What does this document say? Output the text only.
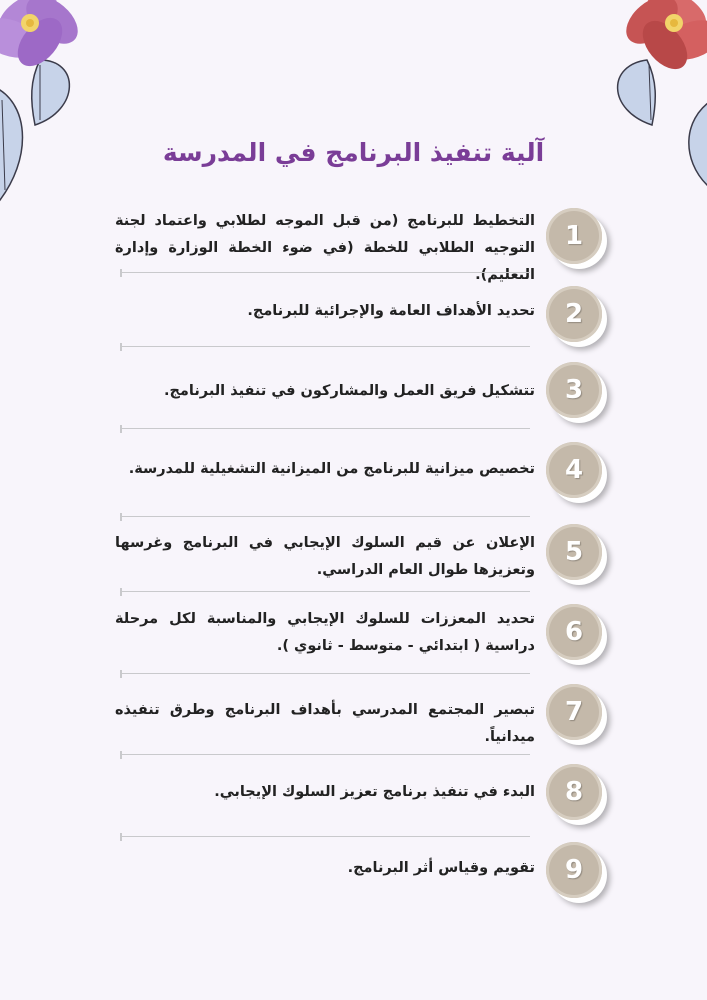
آلية تنفيذ البرنامج في المدرسة
1
التخطيط للبرنامج (من قبل الموجه لطلابي واعتماد لجنة التوجيه الطلابي للخطة (في ضوء الخطة الوزارة وإدارة التعليم).
2
تحديد الأهداف العامة والإجرائية للبرنامج.
3
تتشكيل فريق العمل والمشاركون في تنفيذ البرنامج.
4
تخصيص ميزانية للبرنامج من الميزانية التشغيلية للمدرسة.
5
الإعلان عن قيم السلوك الإيجابي في البرنامج وغرسها وتعزيزها طوال العام الدراسي.
6
تحديد المعززات للسلوك الإيجابي والمناسبة لكل مرحلة دراسية ( ابتدائي - متوسط - ثانوي ).
7
تبصير المجتمع المدرسي بأهداف البرنامج وطرق تنفيذه ميدانياً.
8
البدء في تنفيذ برنامج تعزيز السلوك الإيجابي.
9
تقويم وقياس أثر البرنامج.
